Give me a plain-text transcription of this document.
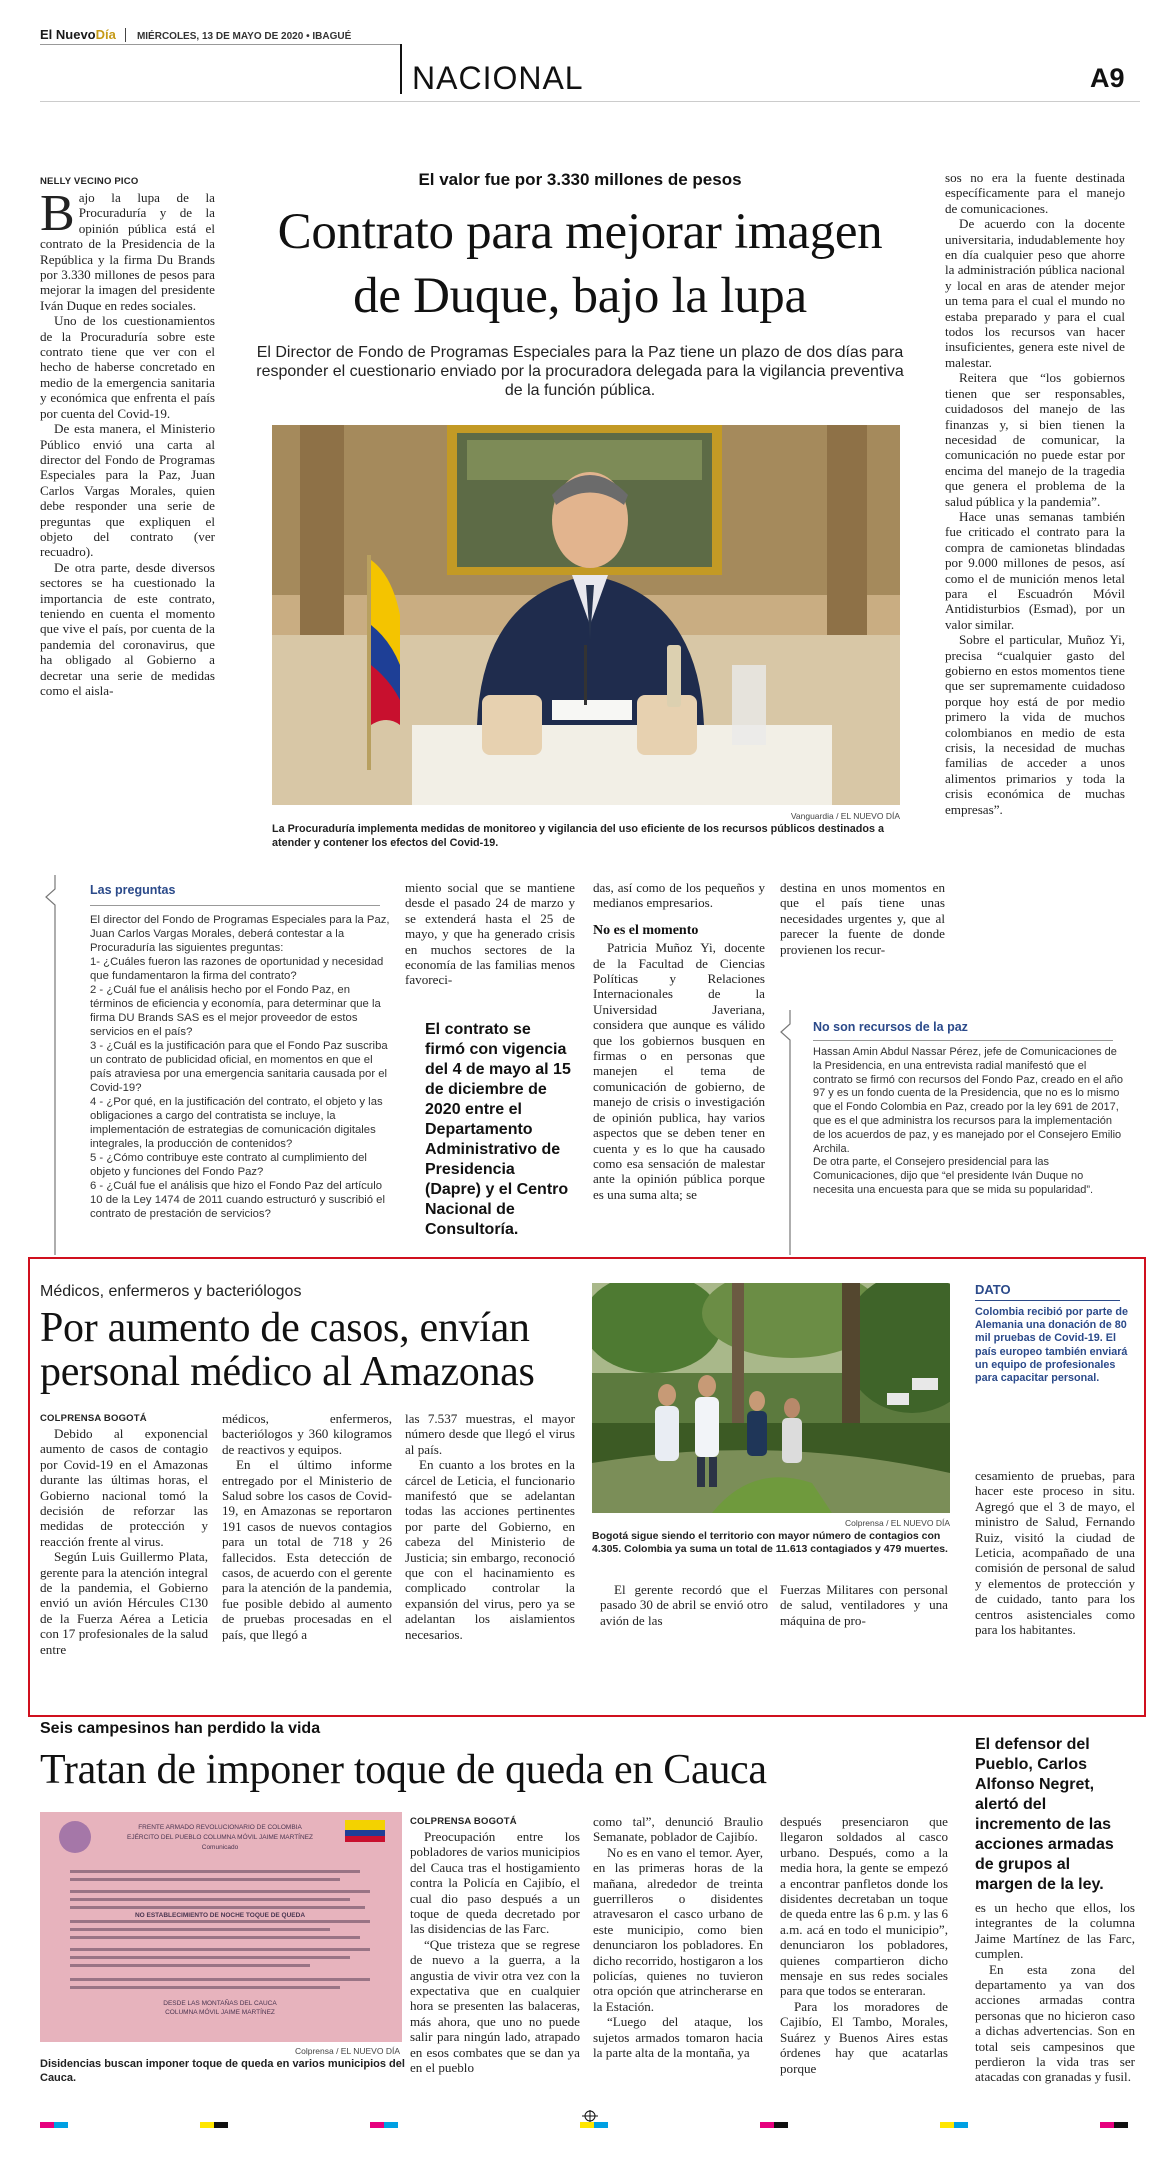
El NuevoDía MIÉRCOLES, 13 DE MAYO DE 2020 • IBAGUÉ
NACIONAL	A9
NELLY VECINO PICO

Bajo la lupa de la Procuraduría y de la opinión pública está el contrato de la Presidencia de la República y la firma Du Brands por 3.330 millones de pesos para mejorar la imagen del presidente Iván Duque en redes sociales.

Uno de los cuestionamientos de la Procuraduría sobre este contrato tiene que ver con el hecho de haberse concretado en medio de la emergencia sanitaria y económica que enfrenta el país por cuenta del Covid-19.

De esta manera, el Ministerio Público envió una carta al director del Fondo de Programas Especiales para la Paz, Juan Carlos Vargas Morales, quien debe responder una serie de preguntas que expliquen el objeto del contrato (ver recuadro).

De otra parte, desde diversos sectores se ha cuestionado la importancia de este contrato, teniendo en cuenta el momento que vive el país, por cuenta de la pandemia del coronavirus, que ha obligado al Gobierno a decretar una serie de medidas como el aisla-

El valor fue por 3.330 millones de pesos
Contrato para mejorar imagen
de Duque, bajo la lupa
El Director de Fondo de Programas Especiales para la Paz tiene un plazo de dos días para responder el cuestionario enviado por la procuradora delegada para la vigilancia preventiva de la función pública.
Vanguardia / EL NUEVO DÍA
La Procuraduría implementa medidas de monitoreo y vigilancia del uso eficiente de los recursos públicos destinados a atender y contener los efectos del Covid-19.

sos no era la fuente destinada específicamente para el manejo de comunicaciones.

De acuerdo con la docente universitaria, indudablemente hoy en día cualquier peso que ahorre la administración pública nacional y local en aras de atender mejor un tema para el cual el mundo no estaba preparado y para el cual todos los recursos van hacer insuficientes, genera este nivel de malestar.

Reitera que “los gobiernos tienen que ser responsables, cuidadosos del manejo de las finanzas y, si bien tienen la necesidad de comunicar, la comunicación no puede estar por encima del manejo de la tragedia que genera el problema de la salud pública y la pandemia”.

Hace unas semanas también fue criticado el contrato para la compra de camionetas blindadas por 9.000 millones de pesos, así como el de munición menos letal para el Escuadrón Móvil Antidisturbios (Esmad), por un valor similar.

Sobre el particular, Muñoz Yi, precisa “cualquier gasto del gobierno en estos momentos tiene que ser supremamente cuidadoso porque hoy está de por medio primero la vida de muchos colombianos en medio de esta crisis, la necesidad de muchas familias de acceder a unos alimentos primarios y toda la crisis económica de muchas empresas”.

Las preguntas
El director del Fondo de Programas Especiales para la Paz, Juan Carlos Vargas Morales, deberá contestar a la Procuraduría las siguientes preguntas:
1- ¿Cuáles fueron las razones de oportunidad y necesidad que fundamentaron la firma del contrato?
2 - ¿Cuál fue el análisis hecho por el Fondo Paz, en términos de eficiencia y economía, para determinar que la firma DU Brands SAS es el mejor proveedor de estos servicios en el país?
3 - ¿Cuál es la justificación para que el Fondo Paz suscriba un contrato de publicidad oficial, en momentos en que el país atraviesa por una emergencia sanitaria causada por el Covid-19?
4 - ¿Por qué, en la justificación del contrato, el objeto y las obligaciones a cargo del contratista se incluye, la implementación de estrategias de comunicación digitales integrales, la producción de contenidos?
5 - ¿Cómo contribuye este contrato al cumplimiento del objeto y funciones del Fondo Paz?
6 - ¿Cuál fue el análisis que hizo el Fondo Paz del artículo 10 de la Ley 1474 de 2011 cuando estructuró y suscribió el contrato de prestación de servicios?

miento social que se mantiene desde el pasado 24 de marzo y se extenderá hasta el 25 de mayo, y que ha generado crisis en muchos sectores de la economía de las familias menos favoreci-

El contrato se firmó con vigencia del 4 de mayo al 15 de diciembre de 2020 entre el Departamento Administrativo de Presidencia (Dapre) y el Centro Nacional de Consultoría.

das, así como de los pequeños y medianos empresarios.

No es el momento

Patricia Muñoz Yi, docente de la Facultad de Ciencias Políticas y Relaciones Internacionales de la Universidad Javeriana, considera que aunque es válido que los gobiernos busquen en firmas o en personas que manejen el tema de comunicación de gobierno, de manejo de crisis o investigación de opinión publica, hay varios aspectos que se deben tener en cuenta y es lo que ha causado como esa sensación de malestar ante la opinión pública porque es una suma alta; se

destina en unos momentos en que el país tiene unas necesidades urgentes y, que al parecer la fuente de donde provienen los recur-

No son recursos de la paz
Hassan Amin Abdul Nassar Pérez, jefe de Comunicaciones de la Presidencia, en una entrevista radial manifestó que el contrato se firmó con recursos del Fondo Paz, creado en el año 97 y es un fondo cuenta de la Presidencia, que no es lo mismo que el Fondo Colombia en Paz, creado por la ley 691 de 2017, que es el que administra los recursos para la implementación de los acuerdos de paz, y es manejado por el Consejero Emilio Archila.
De otra parte, el Consejero presidencial para las Comunicaciones, dijo que “el presidente Iván Duque no necesita una encuesta para que se mida su popularidad”.
Médicos, enfermeros y bacteriólogos
Por aumento de casos, envían
personal médico al Amazonas
COLPRENSA BOGOTÁ

Debido al exponencial aumento de casos de contagio por Covid-19 en el Amazonas durante las últimas horas, el Gobierno nacional tomó la decisión de reforzar las medidas de protección y reacción frente al virus.

Según Luis Guillermo Plata, gerente para la atención integral de la pandemia, el Gobierno envió un avión Hércules C130 de la Fuerza Aérea a Leticia con 17 profesionales de la salud entre

médicos, enfermeros, bacteriólogos y 360 kilogramos de reactivos y equipos.

En el último informe entregado por el Ministerio de Salud sobre los casos de Covid-19, en Amazonas se reportaron 191 casos de nuevos contagios para un total de 718 y 26 fallecidos. Esta detección de casos, de acuerdo con el gerente para la atención de la pandemia, fue posible debido al aumento de pruebas procesadas en el país, que llegó a

las 7.537 muestras, el mayor número desde que llegó el virus al país.

En cuanto a los brotes en la cárcel de Leticia, el funcionario manifestó que se adelantan todas las acciones pertinentes por parte del Gobierno, en cabeza del Ministerio de Justicia; sin embargo, reconoció que con el hacinamiento es complicado controlar la expansión del virus, pero ya se adelantan los aislamientos necesarios.

Colprensa / EL NUEVO DÍA
Bogotá sigue siendo el territorio con mayor número de contagios con 4.305. Colombia ya suma un total de 11.613 contagiados y 479 muertes.

El gerente recordó que el pasado 30 de abril se envió otro avión de las

Fuerzas Militares con personal de salud, ventiladores y una máquina de pro-

DATO
Colombia recibió por parte de Alemania una donación de 80 mil pruebas de Covid-19. El país europeo también enviará un equipo de profesionales para capacitar personal.

cesamiento de pruebas, para hacer este proceso in situ. Agregó que el 3 de mayo, el ministro de Salud, Fernando Ruiz, visitó la ciudad de Leticia, acompañado de una comisión de personal de salud y elementos de protección y de cuidado, tanto para los centros asistenciales como para los habitantes.

Seis campesinos han perdido la vida
Tratan de imponer toque de queda en Cauca
FRENTE ARMADO REVOLUCIONARIO DE COLOMBIA
EJÉRCITO DEL PUEBLO COLUMNA MÓVIL JAIME MARTÍNEZ
Comunicado
NO ESTABLECIMIENTO DE NOCHE TOQUE DE QUEDA
DESDE LAS MONTAÑAS DEL CAUCA
COLUMNA MÓVIL JAIME MARTÍNEZ
Colprensa / EL NUEVO DÍA
Disidencias buscan imponer toque de queda en varios municipios del Cauca.
COLPRENSA BOGOTÁ

Preocupación entre los pobladores de varios municipios del Cauca tras el hostigamiento contra la Policía en Cajibío, el cual dio paso después a un toque de queda decretado por las disidencias de las Farc.

“Que tristeza que se regrese de nuevo a la guerra, a la angustia de vivir otra vez con la expectativa que en cualquier hora se presenten las balaceras, más ahora, que uno no puede salir para ningún lado, atrapado en esos combates que se dan ya en el pueblo

como tal”, denunció Braulio Semanate, poblador de Cajibío.

No es en vano el temor. Ayer, en las primeras horas de la mañana, alrededor de treinta guerrilleros o disidentes atravesaron el casco urbano de este municipio, como bien denunciaron los pobladores. En dicho recorrido, hostigaron a los policías, quienes no tuvieron otra opción que atrincherarse en la Estación.

“Luego del ataque, los sujetos armados tomaron hacia la parte alta de la montaña, ya

después presenciaron que llegaron soldados al casco urbano. Después, como a la media hora, la gente se empezó a encontrar panfletos donde los disidentes decretaban un toque de queda entre las 6 p.m. y las 6 a.m. acá en todo el municipio”, denunciaron los pobladores, quienes compartieron dicho mensaje en sus redes sociales para que todos se enteraran.

Para los moradores de Cajibío, El Tambo, Morales, Suárez y Buenos Aires estas órdenes hay que acatarlas porque

El defensor del Pueblo, Carlos Alfonso Negret, alertó del incremento de las acciones armadas de grupos al margen de la ley.

es un hecho que ellos, los integrantes de la columna Jaime Martínez de las Farc, cumplen.

En esta zona del departamento ya van dos acciones armadas contra personas que no hicieron caso a dichas advertencias. Son en total seis campesinos que perdieron la vida tras ser atacadas con granadas y fusil.
